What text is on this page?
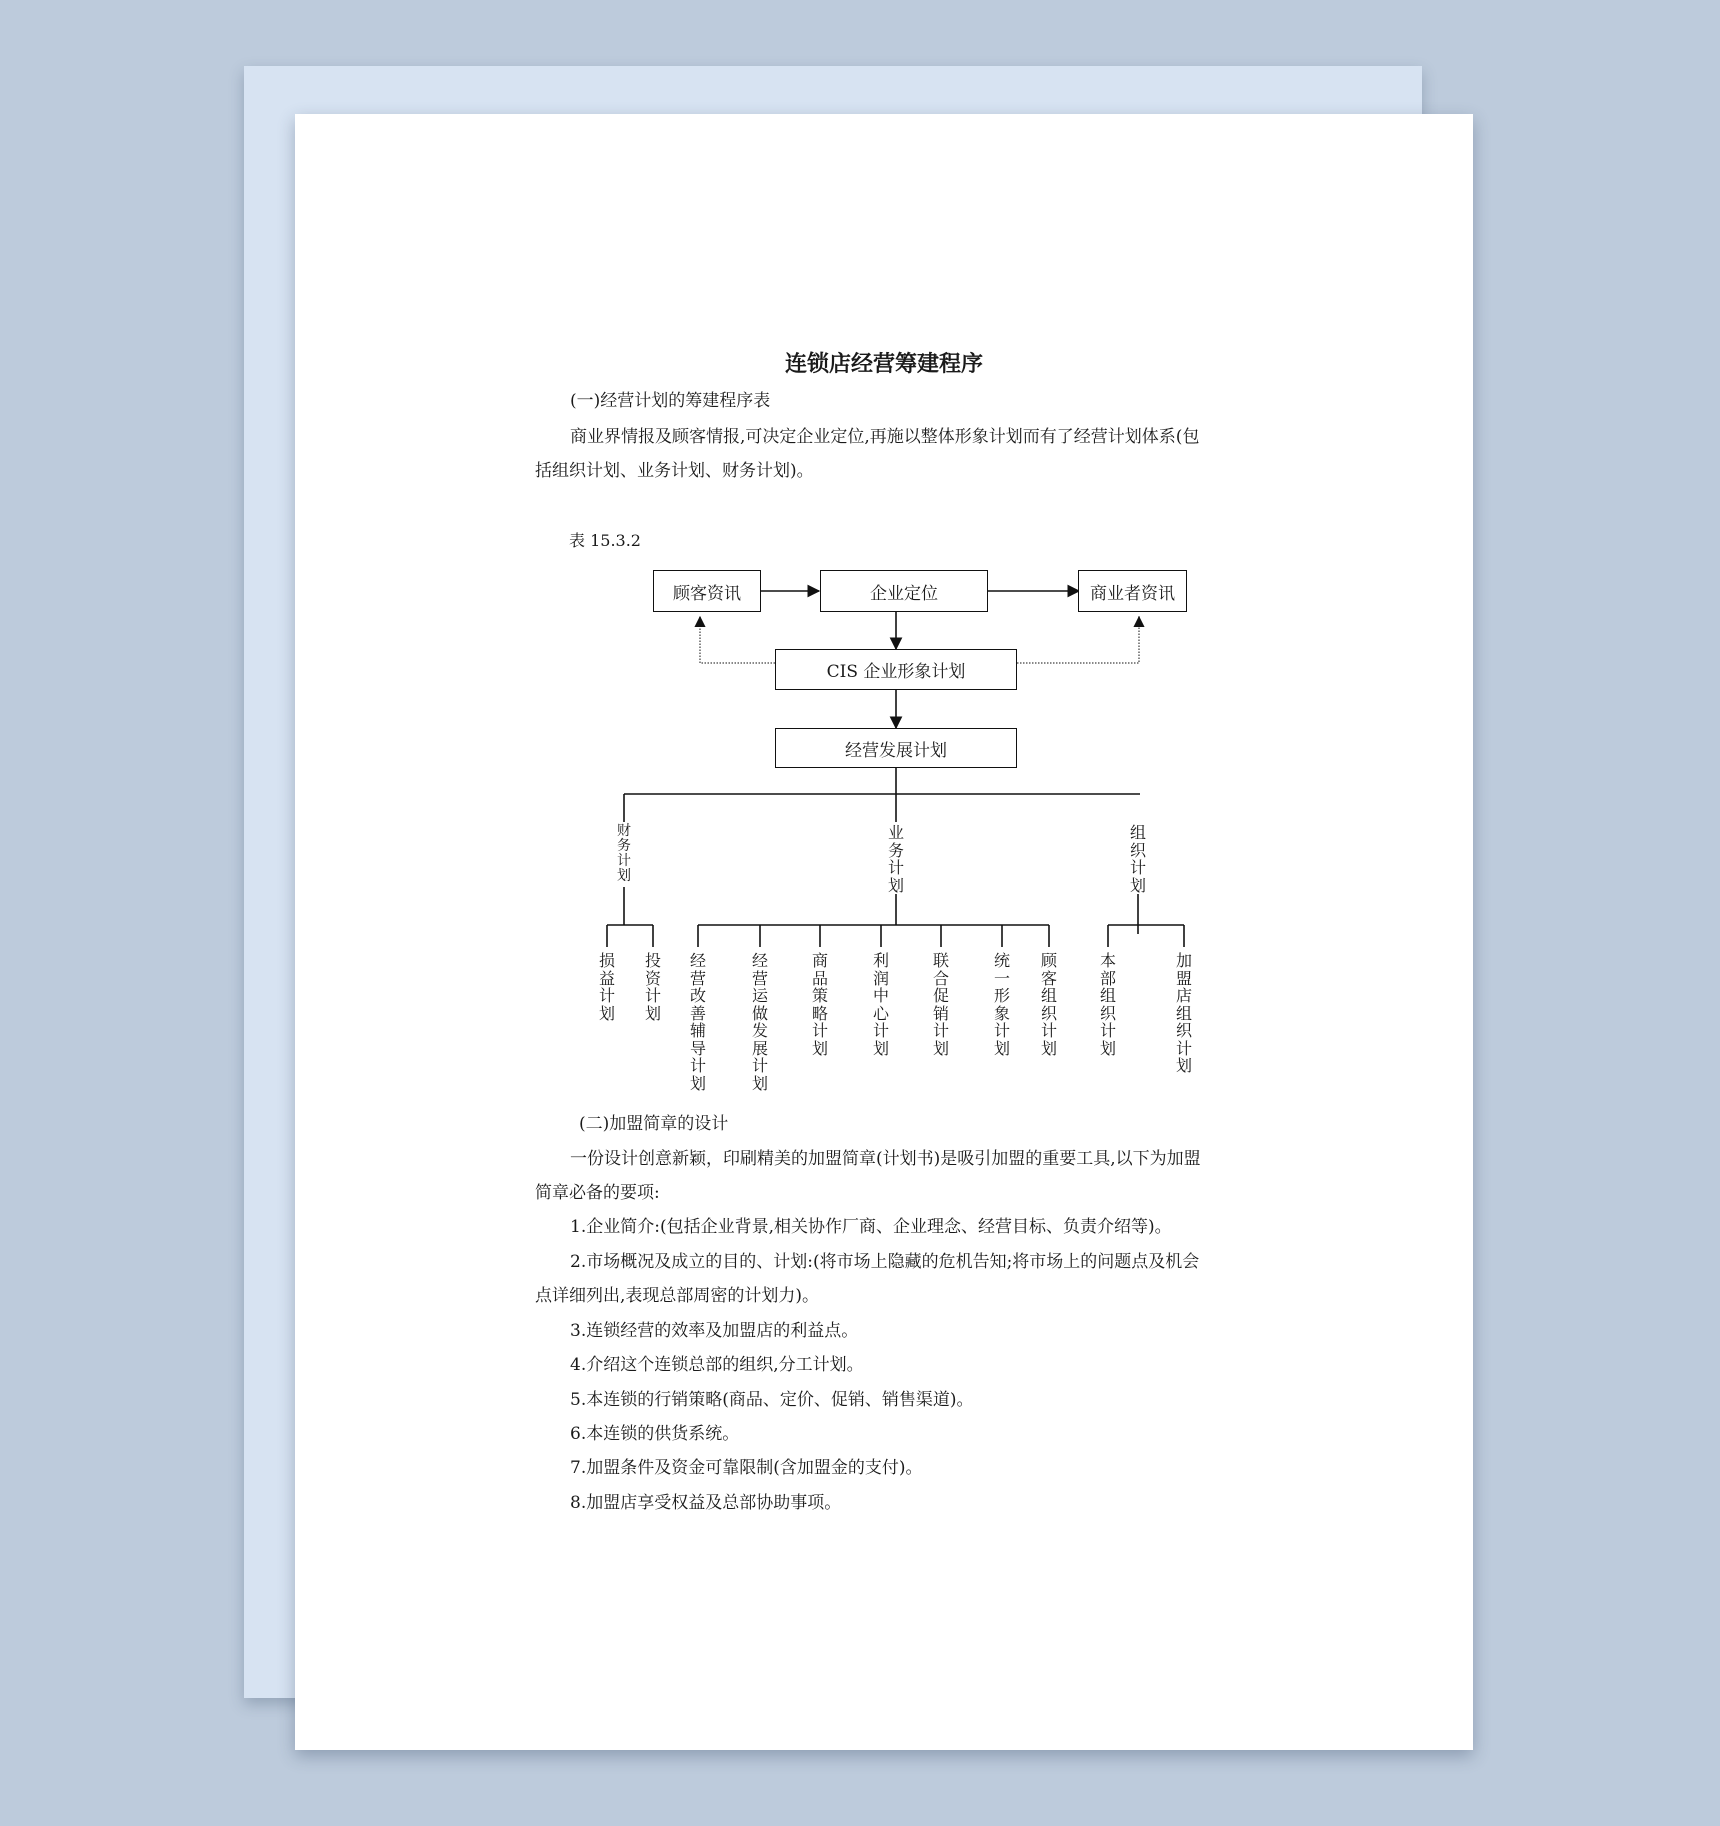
连锁店经营筹建程序
(一)经营计划的筹建程序表
商业界情报及顾客情报,可决定企业定位,再施以整体形象计划而有了经营计划体系(包
括组织计划、业务计划、财务计划)。
表 15.3.2
顾客资讯	企业定位	商业者资讯
CIS 企业形象计划
经营发展计划
财务计划
业务计划
组织计划
损益计划
投资计划
经营改善辅导计划
经营运做发展计划
商品策略计划
利润中心计划
联合促销计划
统一形象计划
顾客组织计划
本部组织计划
加盟店组织计划
(二)加盟简章的设计
一份设计创意新颖，印刷精美的加盟简章(计划书)是吸引加盟的重要工具,以下为加盟
简章必备的要项:
1.企业简介:(包括企业背景,相关协作厂商、企业理念、经营目标、负责介绍等)。
2.市场概况及成立的目的、计划:(将市场上隐藏的危机告知;将市场上的问题点及机会
点详细列出,表现总部周密的计划力)。
3.连锁经营的效率及加盟店的利益点。
4.介绍这个连锁总部的组织,分工计划。
5.本连锁的行销策略(商品、定价、促销、销售渠道)。
6.本连锁的供货系统。
7.加盟条件及资金可靠限制(含加盟金的支付)。
8.加盟店享受权益及总部协助事项。
